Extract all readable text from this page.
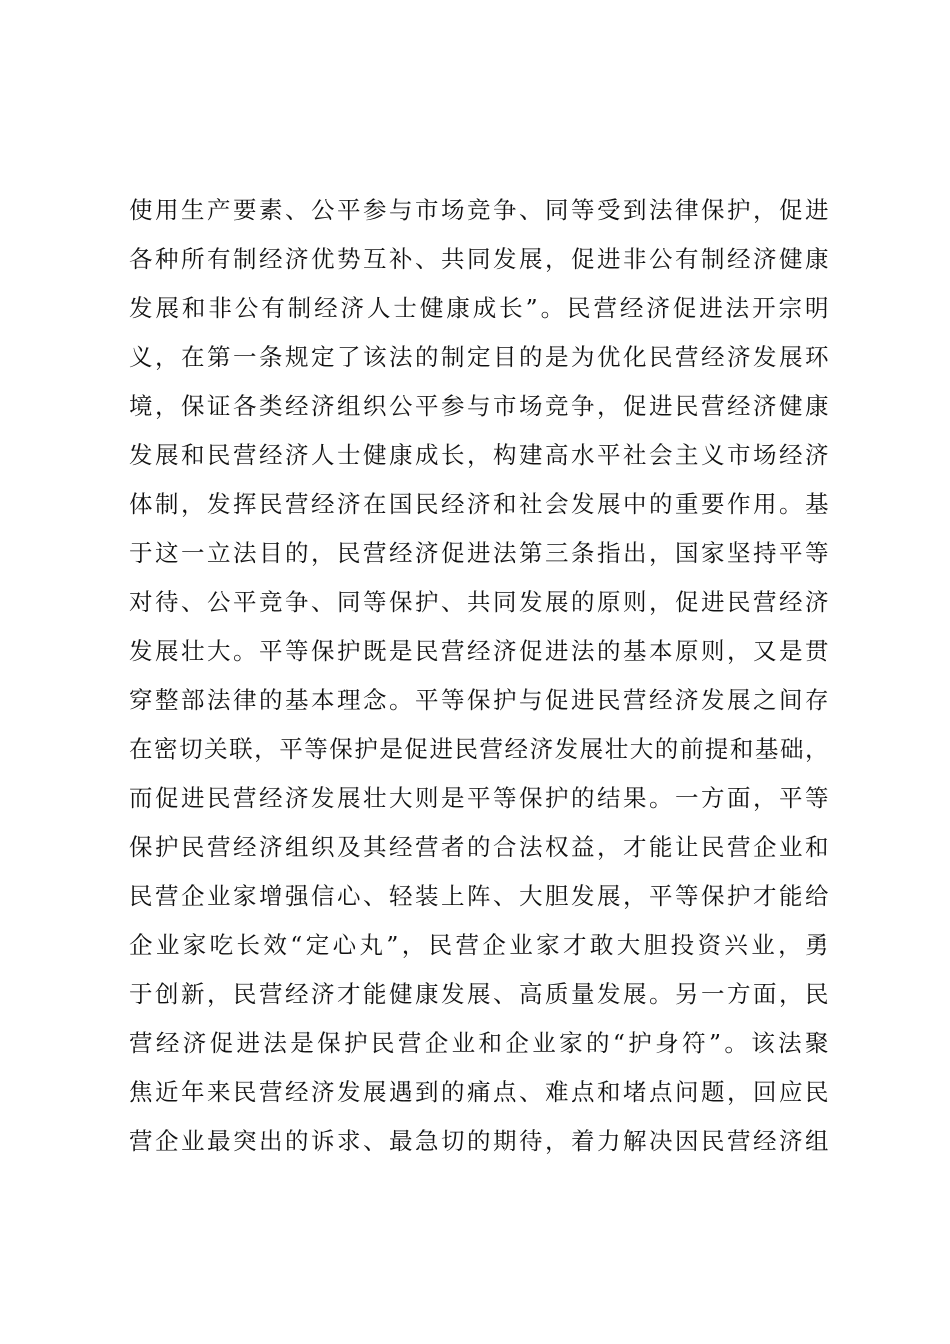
使用生产要素、公平参与市场竞争、同等受到法律保护，促进
各种所有制经济优势互补、共同发展，促进非公有制经济健康
发展和非公有制经济人士健康成长”。民营经济促进法开宗明
义，在第一条规定了该法的制定目的是为优化民营经济发展环
境，保证各类经济组织公平参与市场竞争，促进民营经济健康
发展和民营经济人士健康成长，构建高水平社会主义市场经济
体制，发挥民营经济在国民经济和社会发展中的重要作用。基
于这一立法目的，民营经济促进法第三条指出，国家坚持平等
对待、公平竞争、同等保护、共同发展的原则，促进民营经济
发展壮大。平等保护既是民营经济促进法的基本原则，又是贯
穿整部法律的基本理念。平等保护与促进民营经济发展之间存
在密切关联，平等保护是促进民营经济发展壮大的前提和基础，
而促进民营经济发展壮大则是平等保护的结果。一方面，平等
保护民营经济组织及其经营者的合法权益，才能让民营企业和
民营企业家增强信心、轻装上阵、大胆发展，平等保护才能给
企业家吃长效“定心丸”，民营企业家才敢大胆投资兴业，勇
于创新，民营经济才能健康发展、高质量发展。另一方面，民
营经济促进法是保护民营企业和企业家的“护身符”。该法聚
焦近年来民营经济发展遇到的痛点、难点和堵点问题，回应民
营企业最突出的诉求、最急切的期待，着力解决因民营经济组
